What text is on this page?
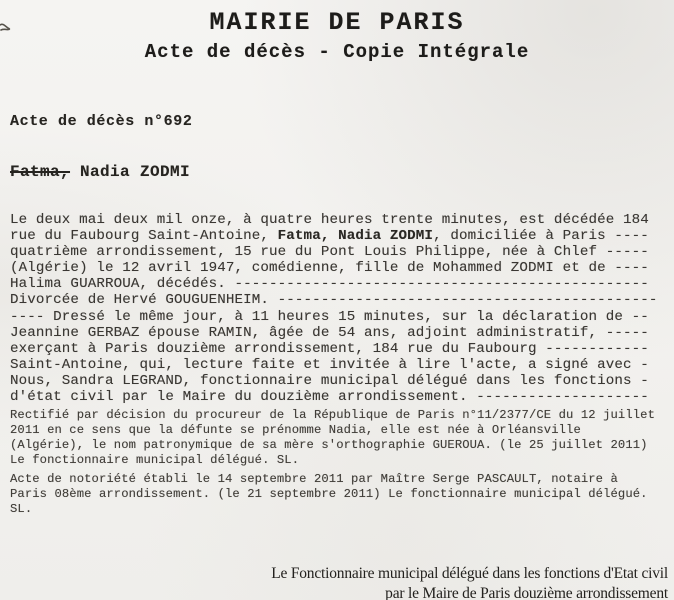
MAIRIE DE PARIS
Acte de décès - Copie Intégrale
Acte de décès n°692
Fatma, Nadia ZODMI
Le deux mai deux mil onze, à quatre heures trente minutes, est décédée 184
rue du Faubourg Saint-Antoine, Fatma, Nadia ZODMI, domiciliée à Paris ----
quatrième arrondissement, 15 rue du Pont Louis Philippe, née à Chlef -----
(Algérie) le 12 avril 1947, comédienne, fille de Mohammed ZODMI et de ----
Halima GUARROUA, décédés. ------------------------------------------------
Divorcée de Hervé GOUGUENHEIM. --------------------------------------------
---- Dressé le même jour, à 11 heures 15 minutes, sur la déclaration de --
Jeannine GERBAZ épouse RAMIN, âgée de 54 ans, adjoint administratif, -----
exerçant à Paris douzième arrondissement, 184 rue du Faubourg ------------
Saint-Antoine, qui, lecture faite et invitée à lire l'acte, a signé avec -
Nous, Sandra LEGRAND, fonctionnaire municipal délégué dans les fonctions -
d'état civil par le Maire du douzième arrondissement. --------------------
Rectifié par décision du procureur de la République de Paris n°11/2377/CE du 12 juillet
2011 en ce sens que la défunte se prénomme Nadia, elle est née à Orléansville
(Algérie), le nom patronymique de sa mère s'orthographie GUEROUA. (le 25 juillet 2011)
Le fonctionnaire municipal délégué. SL.
Acte de notoriété établi le 14 septembre 2011 par Maître Serge PASCAULT, notaire à
Paris 08ème arrondissement. (le 21 septembre 2011) Le fonctionnaire municipal délégué.
SL.
Le Fonctionnaire municipal délégué dans les fonctions d'Etat civil
par le Maire de Paris douzième arrondissement
